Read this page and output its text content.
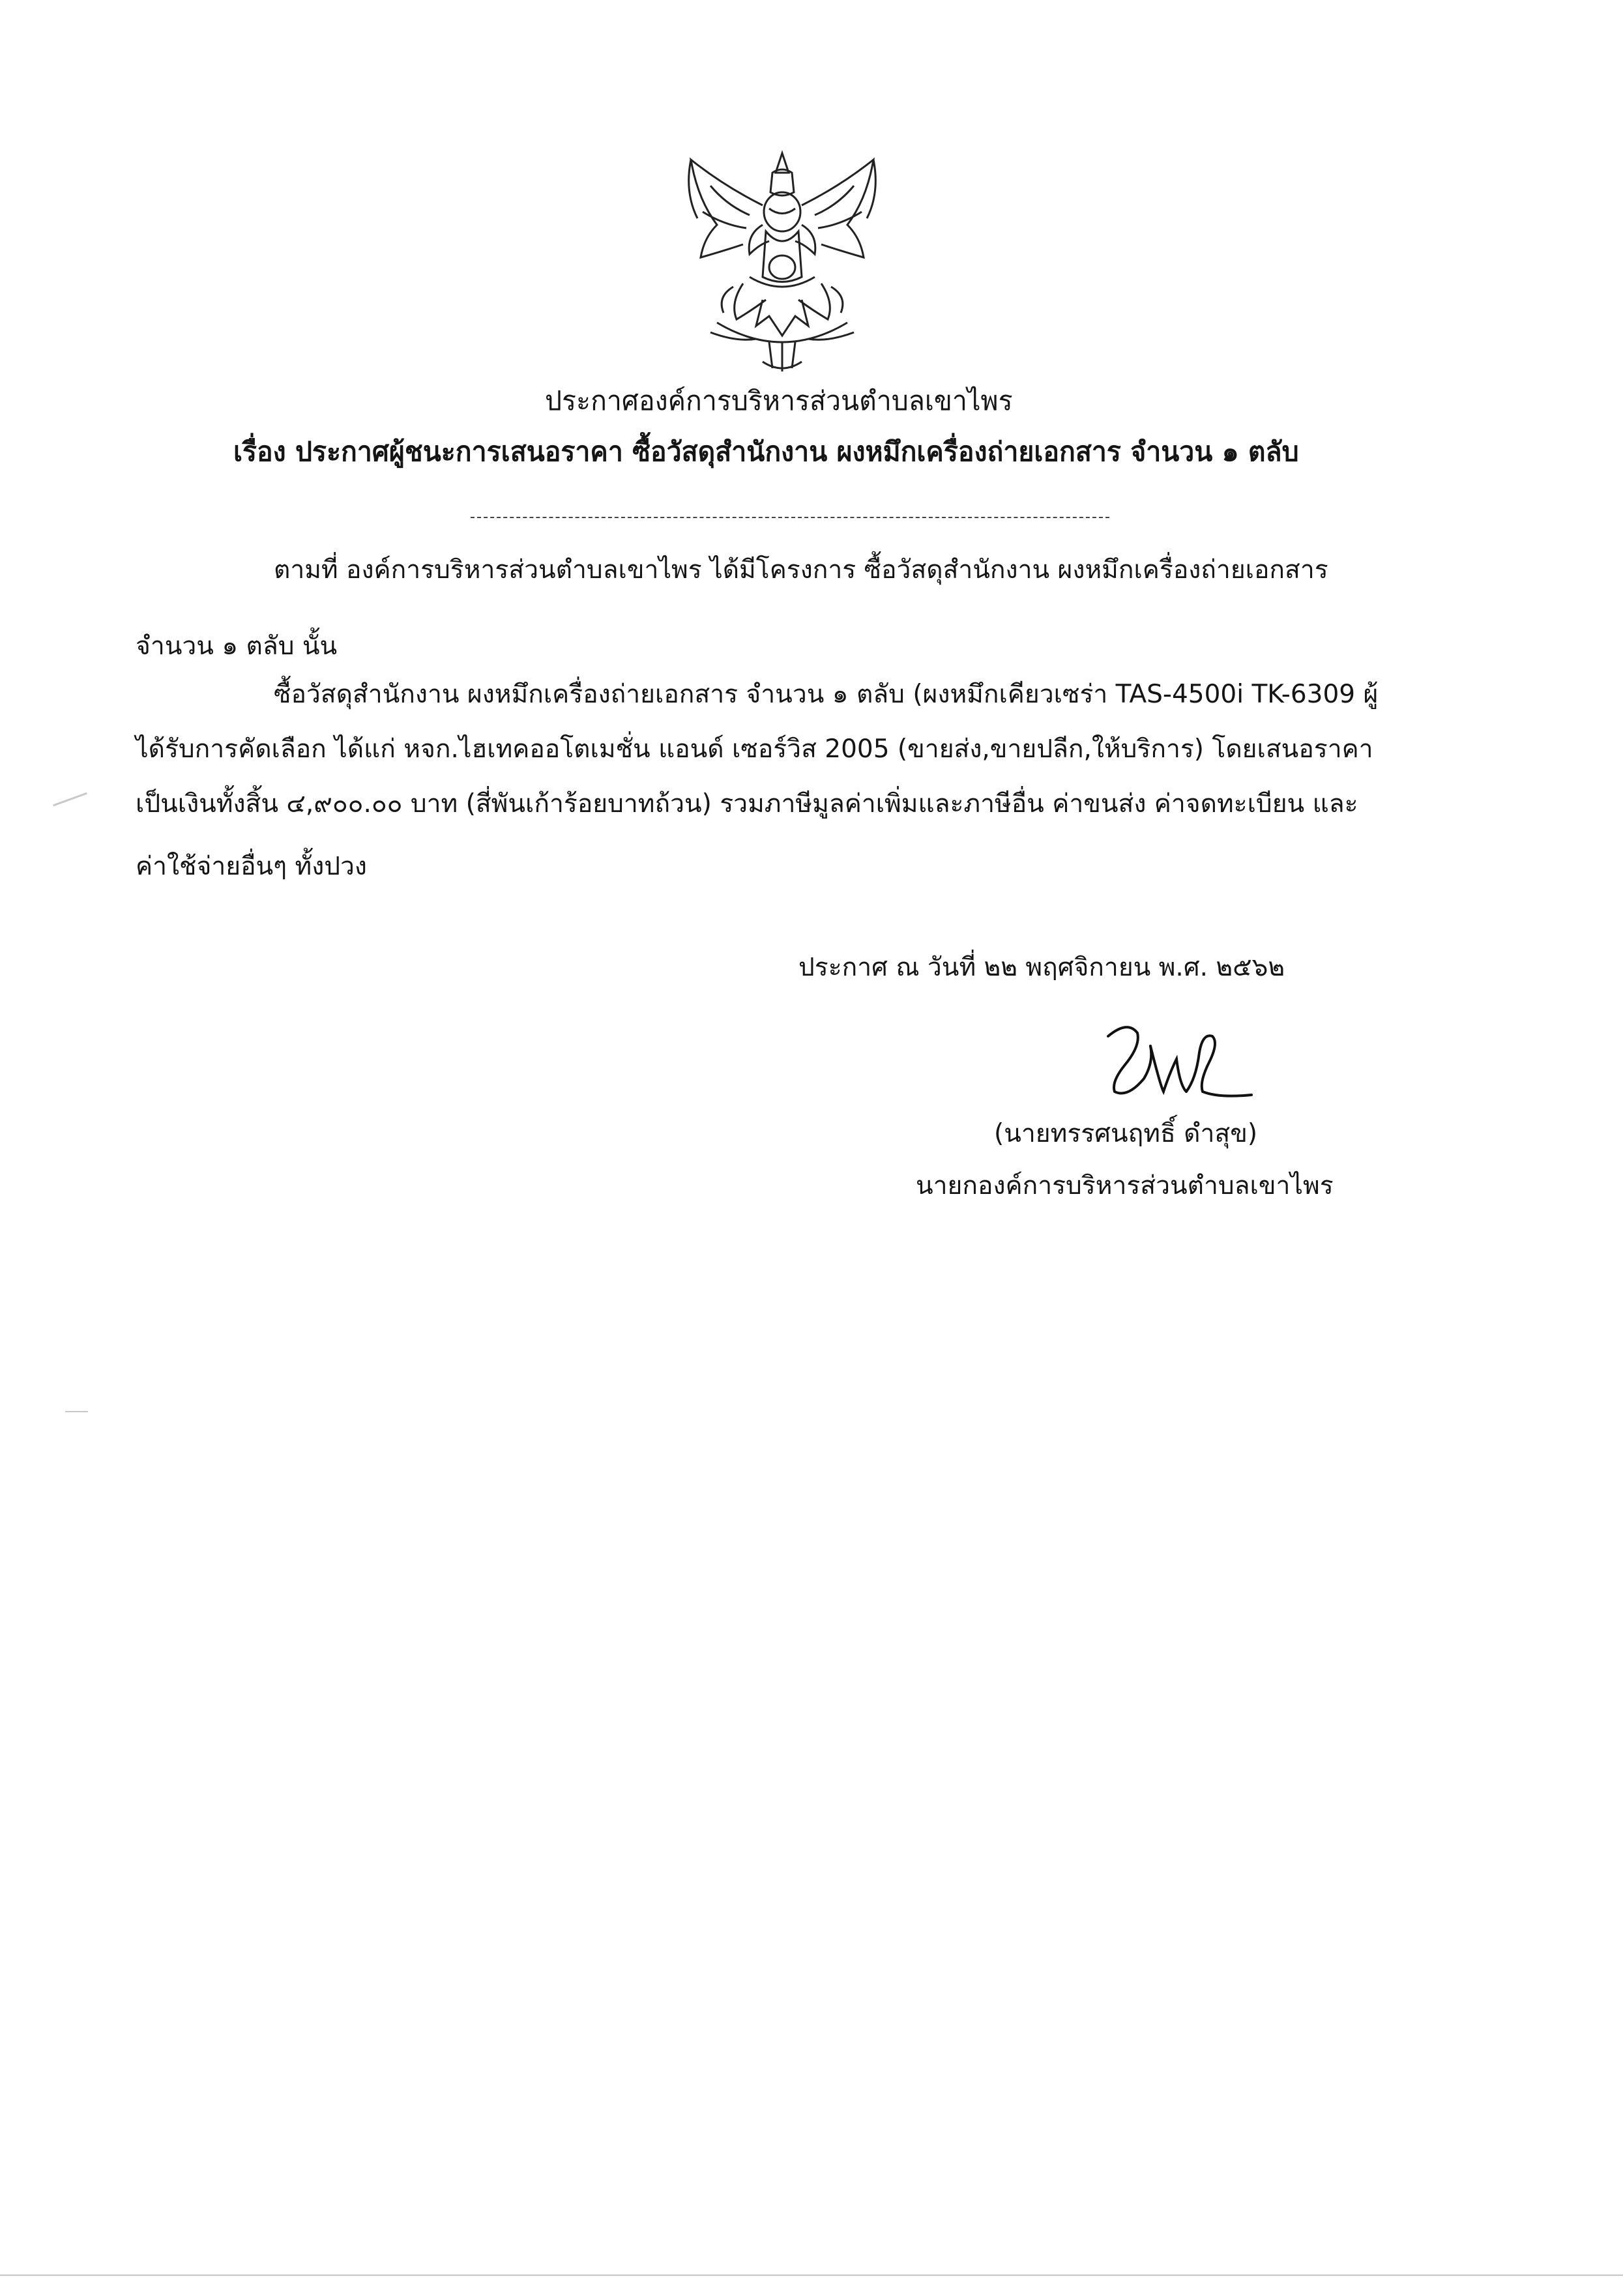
ประกาศองค์การบริหารส่วนตำบลเขาไพร

เรื่อง ประกาศผู้ชนะการเสนอราคา ซื้อวัสดุสำนักงาน ผงหมึกเครื่องถ่ายเอกสาร จำนวน ๑ ตลับ

ตามที่ องค์การบริหารส่วนตำบลเขาไพร ได้มีโครงการ ซื้อวัสดุสำนักงาน ผงหมึกเครื่องถ่ายเอกสาร

จำนวน ๑ ตลับ นั้น

ซื้อวัสดุสำนักงาน ผงหมึกเครื่องถ่ายเอกสาร จำนวน ๑ ตลับ (ผงหมึกเคียวเซร่า TAS-4500i TK-6309 ผู้

ได้รับการคัดเลือก ได้แก่ หจก.ไฮเทคออโตเมชั่น แอนด์ เซอร์วิส 2005 (ขายส่ง,ขายปลีก,ให้บริการ) โดยเสนอราคา

เป็นเงินทั้งสิ้น ๔,๙๐๐.๐๐ บาท (สี่พันเก้าร้อยบาทถ้วน) รวมภาษีมูลค่าเพิ่มและภาษีอื่น ค่าขนส่ง ค่าจดทะเบียน และ

ค่าใช้จ่ายอื่นๆ ทั้งปวง

ประกาศ ณ วันที่ ๒๒ พฤศจิกายน พ.ศ. ๒๕๖๒

(นายทรรศนฤทธิ์ ดำสุข)

นายกองค์การบริหารส่วนตำบลเขาไพร
